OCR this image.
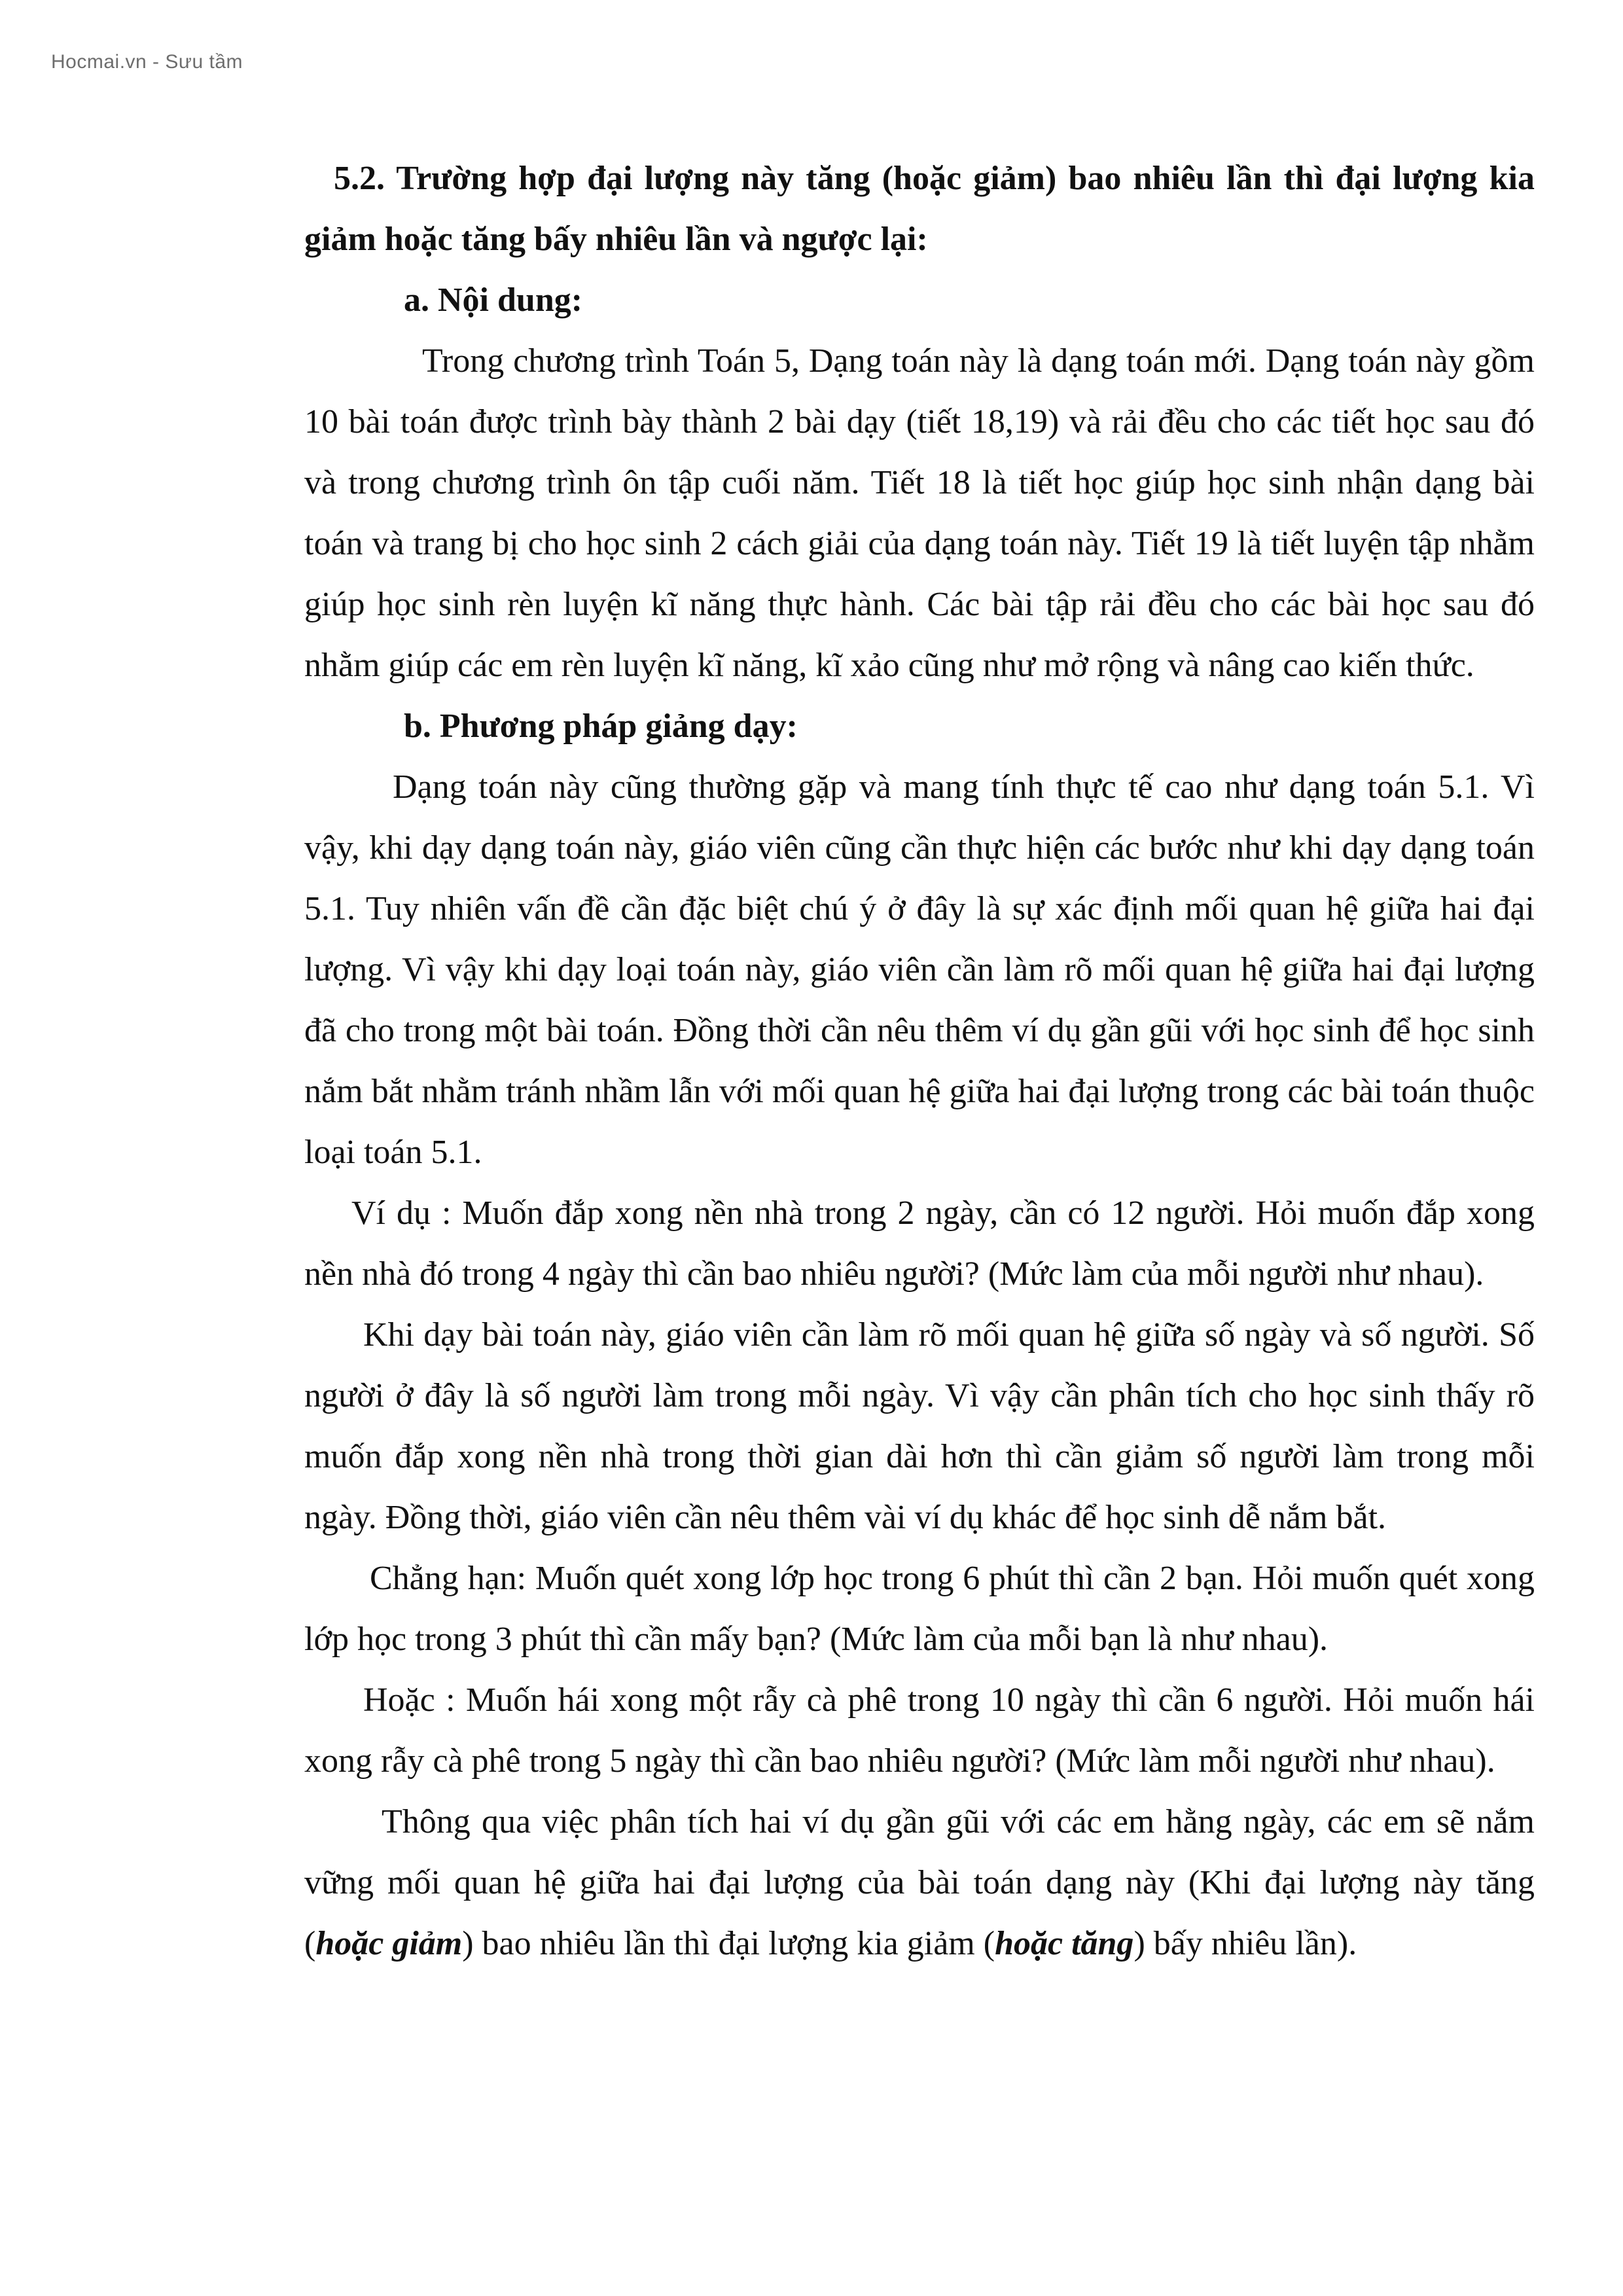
Hocmai.vn - Sưu tầm

5.2. Trường hợp đại lượng này tăng (hoặc giảm) bao nhiêu lần thì đại lượng kia giảm hoặc tăng bấy nhiêu lần và ngược lại:

a. Nội dung:

Trong chương trình Toán 5, Dạng toán này là dạng toán mới. Dạng toán này gồm 10 bài toán được trình bày thành 2 bài dạy (tiết 18,19) và rải đều cho các tiết học sau đó và trong chương trình ôn tập cuối năm. Tiết 18 là tiết học giúp học sinh nhận dạng bài toán và trang bị cho học sinh 2 cách giải của dạng toán này. Tiết 19 là tiết luyện tập nhằm giúp học sinh rèn luyện kĩ năng thực hành. Các bài tập rải đều cho các bài học sau đó nhằm giúp các em rèn luyện kĩ năng, kĩ xảo cũng như mở rộng và nâng cao kiến thức.

b. Phương pháp giảng dạy:

Dạng toán này cũng thường gặp và mang tính thực tế cao như dạng toán 5.1. Vì vậy, khi dạy dạng toán này, giáo viên cũng cần thực hiện các bước như khi dạy dạng toán 5.1. Tuy nhiên vấn đề cần đặc biệt chú ý ở đây là sự xác định mối quan hệ giữa hai đại lượng. Vì vậy khi dạy loại toán này, giáo viên cần làm rõ mối quan hệ giữa hai đại lượng đã cho trong một bài toán. Đồng thời cần nêu thêm ví dụ gần gũi với học sinh để học sinh nắm bắt nhằm tránh nhầm lẫn với mối quan hệ giữa hai đại lượng trong các bài toán thuộc loại toán 5.1.

Ví dụ : Muốn đắp xong nền nhà trong 2 ngày, cần có 12 người. Hỏi muốn đắp xong nền nhà đó trong 4 ngày thì cần bao nhiêu người? (Mức làm của mỗi người như nhau).

Khi dạy bài toán này, giáo viên cần làm rõ mối quan hệ giữa số ngày và số người. Số người ở đây là số người làm trong mỗi ngày. Vì vậy cần phân tích cho học sinh thấy rõ muốn đắp xong nền nhà trong thời gian dài hơn thì cần giảm số người làm trong mỗi ngày. Đồng thời, giáo viên cần nêu thêm vài ví dụ khác để học sinh dễ nắm bắt.

Chẳng hạn: Muốn quét xong lớp học trong 6 phút thì cần 2 bạn. Hỏi muốn quét xong lớp học trong 3 phút thì cần mấy bạn? (Mức làm của mỗi bạn là như nhau).

Hoặc : Muốn hái xong một rẫy cà phê trong 10 ngày thì cần 6 người. Hỏi muốn hái xong rẫy cà phê trong 5 ngày thì cần bao nhiêu người? (Mức làm mỗi người như nhau).

Thông qua việc phân tích hai ví dụ gần gũi với các em hằng ngày, các em sẽ nắm vững mối quan hệ giữa hai đại lượng của bài toán dạng này (Khi đại lượng này tăng (hoặc giảm) bao nhiêu lần thì đại lượng kia giảm (hoặc tăng) bấy nhiêu lần).
